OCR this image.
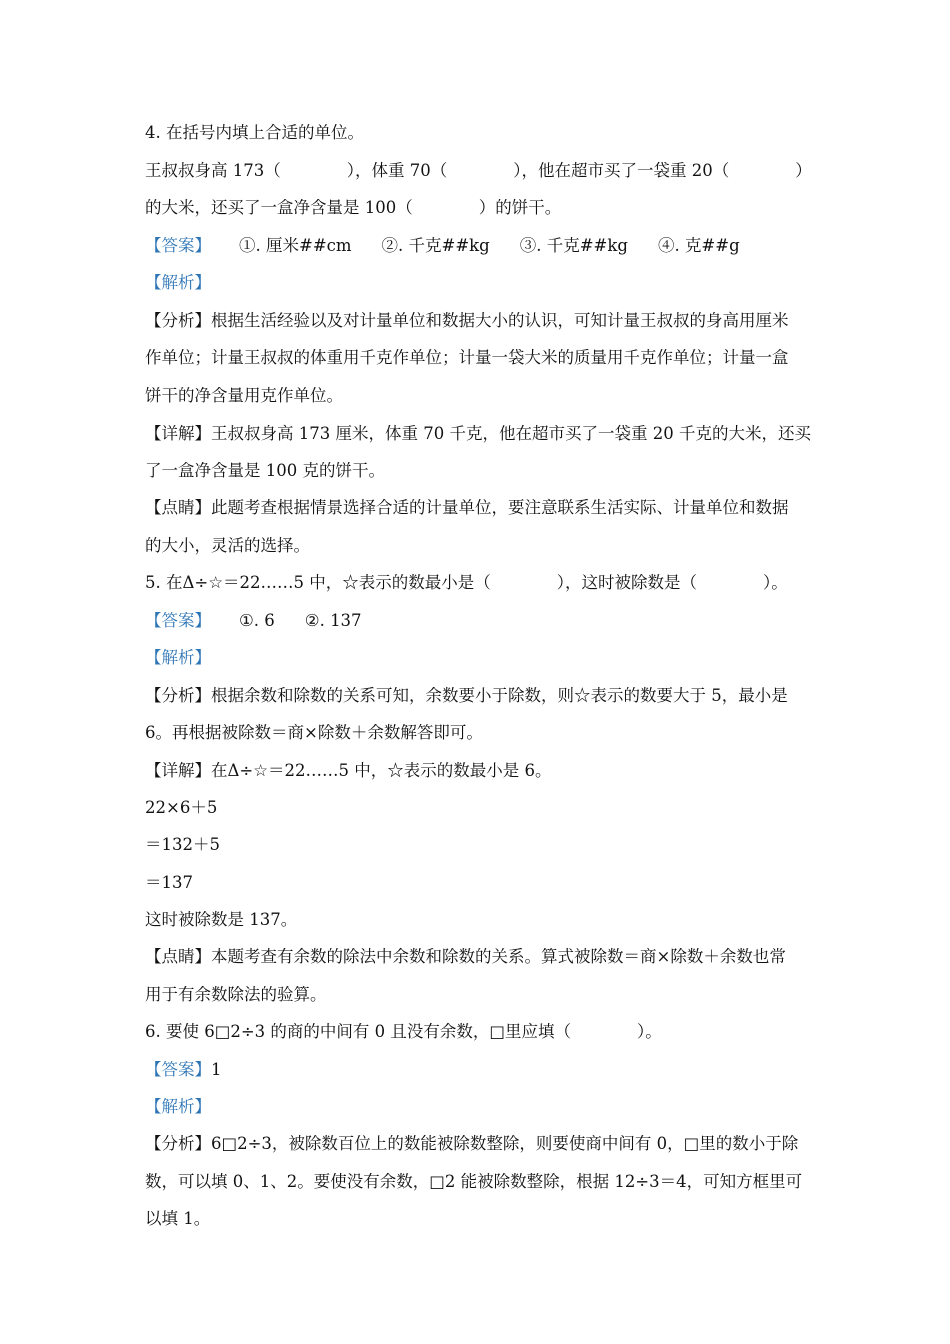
4. 在括号内填上合适的单位。
王叔叔身高 173（　　　　），体重 70（　　　　），他在超市买了一袋重 20（　　　　）
的大米，还买了一盒净含量是 100（　　　　）的饼干。
【答案】 ①. 厘米##cm ②. 千克##kg ③. 千克##kg ④. 克##g
【解析】
【分析】根据生活经验以及对计量单位和数据大小的认识，可知计量王叔叔的身高用厘米
作单位；计量王叔叔的体重用千克作单位；计量一袋大米的质量用千克作单位；计量一盒
饼干的净含量用克作单位。
【详解】王叔叔身高 173 厘米，体重 70 千克，他在超市买了一袋重 20 千克的大米，还买
了一盒净含量是 100 克的饼干。
【点睛】此题考查根据情景选择合适的计量单位，要注意联系生活实际、计量单位和数据
的大小，灵活的选择。
5. 在Δ÷☆＝22……5 中，☆表示的数最小是（　　　　），这时被除数是（　　　　）。
【答案】 ①. 6 ②. 137
【解析】
【分析】根据余数和除数的关系可知，余数要小于除数，则☆表示的数要大于 5，最小是
6。再根据被除数＝商×除数＋余数解答即可。
【详解】在Δ÷☆＝22……5 中，☆表示的数最小是 6。
22×6＋5
＝132＋5
＝137
这时被除数是 137。
【点睛】本题考查有余数的除法中余数和除数的关系。算式被除数＝商×除数＋余数也常
用于有余数除法的验算。
6. 要使 6□2÷3 的商的中间有 0 且没有余数，□里应填（　　　　）。
【答案】1
【解析】
【分析】6□2÷3，被除数百位上的数能被除数整除，则要使商中间有 0，□里的数小于除
数，可以填 0、1、2。要使没有余数，□2 能被除数整除，根据 12÷3＝4，可知方框里可
以填 1。
